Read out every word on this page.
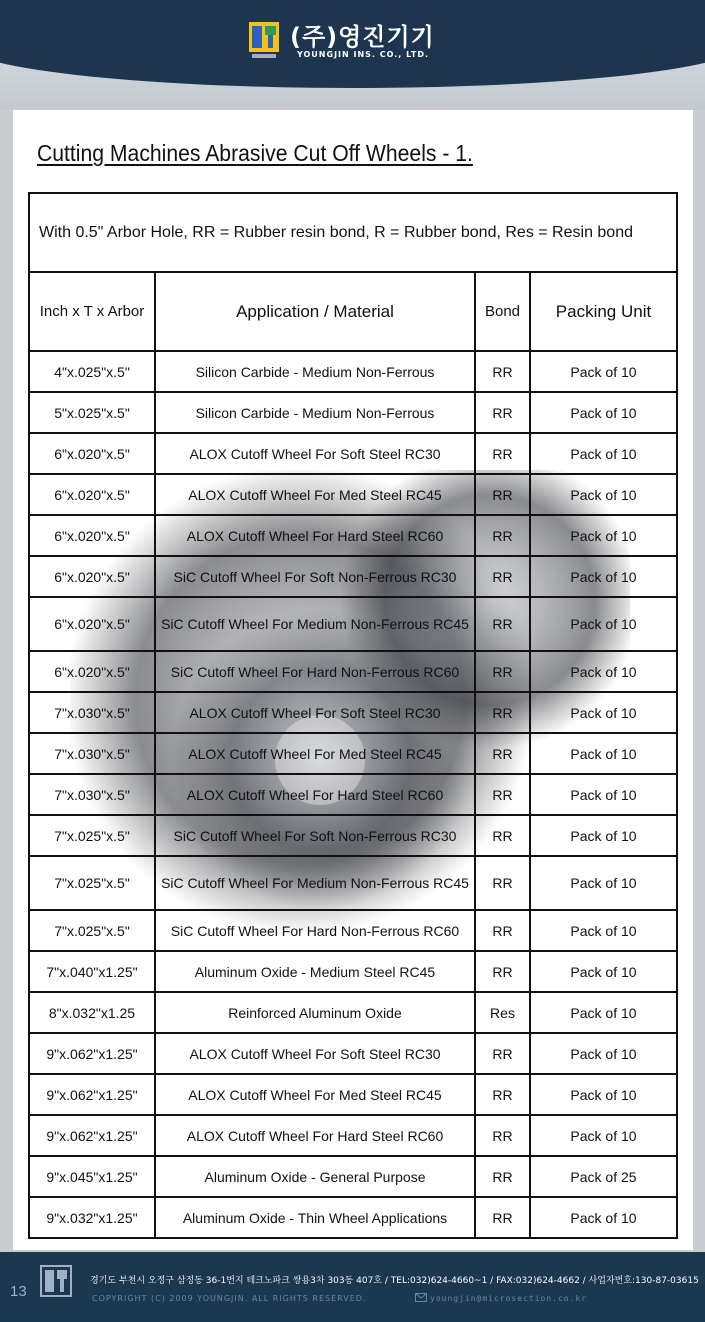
(주)영진기기
YOUNGJIN INS. CO., LTD.
Cutting Machines Abrasive Cut Off Wheels - 1.
With 0.5" Arbor Hole, RR = Rubber resin bond, R = Rubber bond, Res = Resin bond			
Inch x T x Arbor	Application / Material	Bond	Packing Unit
4"x.025"x.5"	Silicon Carbide - Medium Non-Ferrous	RR	Pack of 10
5"x.025"x.5"	Silicon Carbide - Medium Non-Ferrous	RR	Pack of 10
6"x.020"x.5"	ALOX Cutoff Wheel For Soft Steel RC30	RR	Pack of 10
6"x.020"x.5"	ALOX Cutoff Wheel For Med Steel RC45	RR	Pack of 10
6"x.020"x.5"	ALOX Cutoff Wheel For Hard Steel RC60	RR	Pack of 10
6"x.020"x.5"	SiC Cutoff Wheel For Soft Non-Ferrous RC30	RR	Pack of 10
6"x.020"x.5"	SiC Cutoff Wheel For Medium Non-Ferrous RC45	RR	Pack of 10
6"x.020"x.5"	SiC Cutoff Wheel For Hard Non-Ferrous RC60	RR	Pack of 10
7"x.030"x.5"	ALOX Cutoff Wheel For Soft Steel RC30	RR	Pack of 10
7"x.030"x.5"	ALOX Cutoff Wheel For Med Steel RC45	RR	Pack of 10
7"x.030"x.5"	ALOX Cutoff Wheel For Hard Steel RC60	RR	Pack of 10
7"x.025"x.5"	SiC Cutoff Wheel For Soft Non-Ferrous RC30	RR	Pack of 10
7"x.025"x.5"	SiC Cutoff Wheel For Medium Non-Ferrous RC45	RR	Pack of 10
7"x.025"x.5"	SiC Cutoff Wheel For Hard Non-Ferrous RC60	RR	Pack of 10
7"x.040"x1.25"	Aluminum Oxide - Medium Steel RC45	RR	Pack of 10
8"x.032"x1.25	Reinforced Aluminum Oxide	Res	Pack of 10
9"x.062"x1.25"	ALOX Cutoff Wheel For Soft Steel RC30	RR	Pack of 10
9"x.062"x1.25"	ALOX Cutoff Wheel For Med Steel RC45	RR	Pack of 10
9"x.062"x1.25"	ALOX Cutoff Wheel For Hard Steel RC60	RR	Pack of 10
9"x.045"x1.25"	Aluminum Oxide - General Purpose	RR	Pack of 25
9"x.032"x1.25"	Aluminum Oxide - Thin Wheel Applications	RR	Pack of 10
13
경기도 부천시 오정구 삼정동 36-1번지 테크노파크 쌍용3차 303동 407호 / TEL:032)624-4660~1 / FAX:032)624-4662 / 사업자번호:130-87-03615
COPYRIGHT (C) 2009 YOUNGJIN. ALL RIGHTS RESERVED.	youngjin@microsection.co.kr
